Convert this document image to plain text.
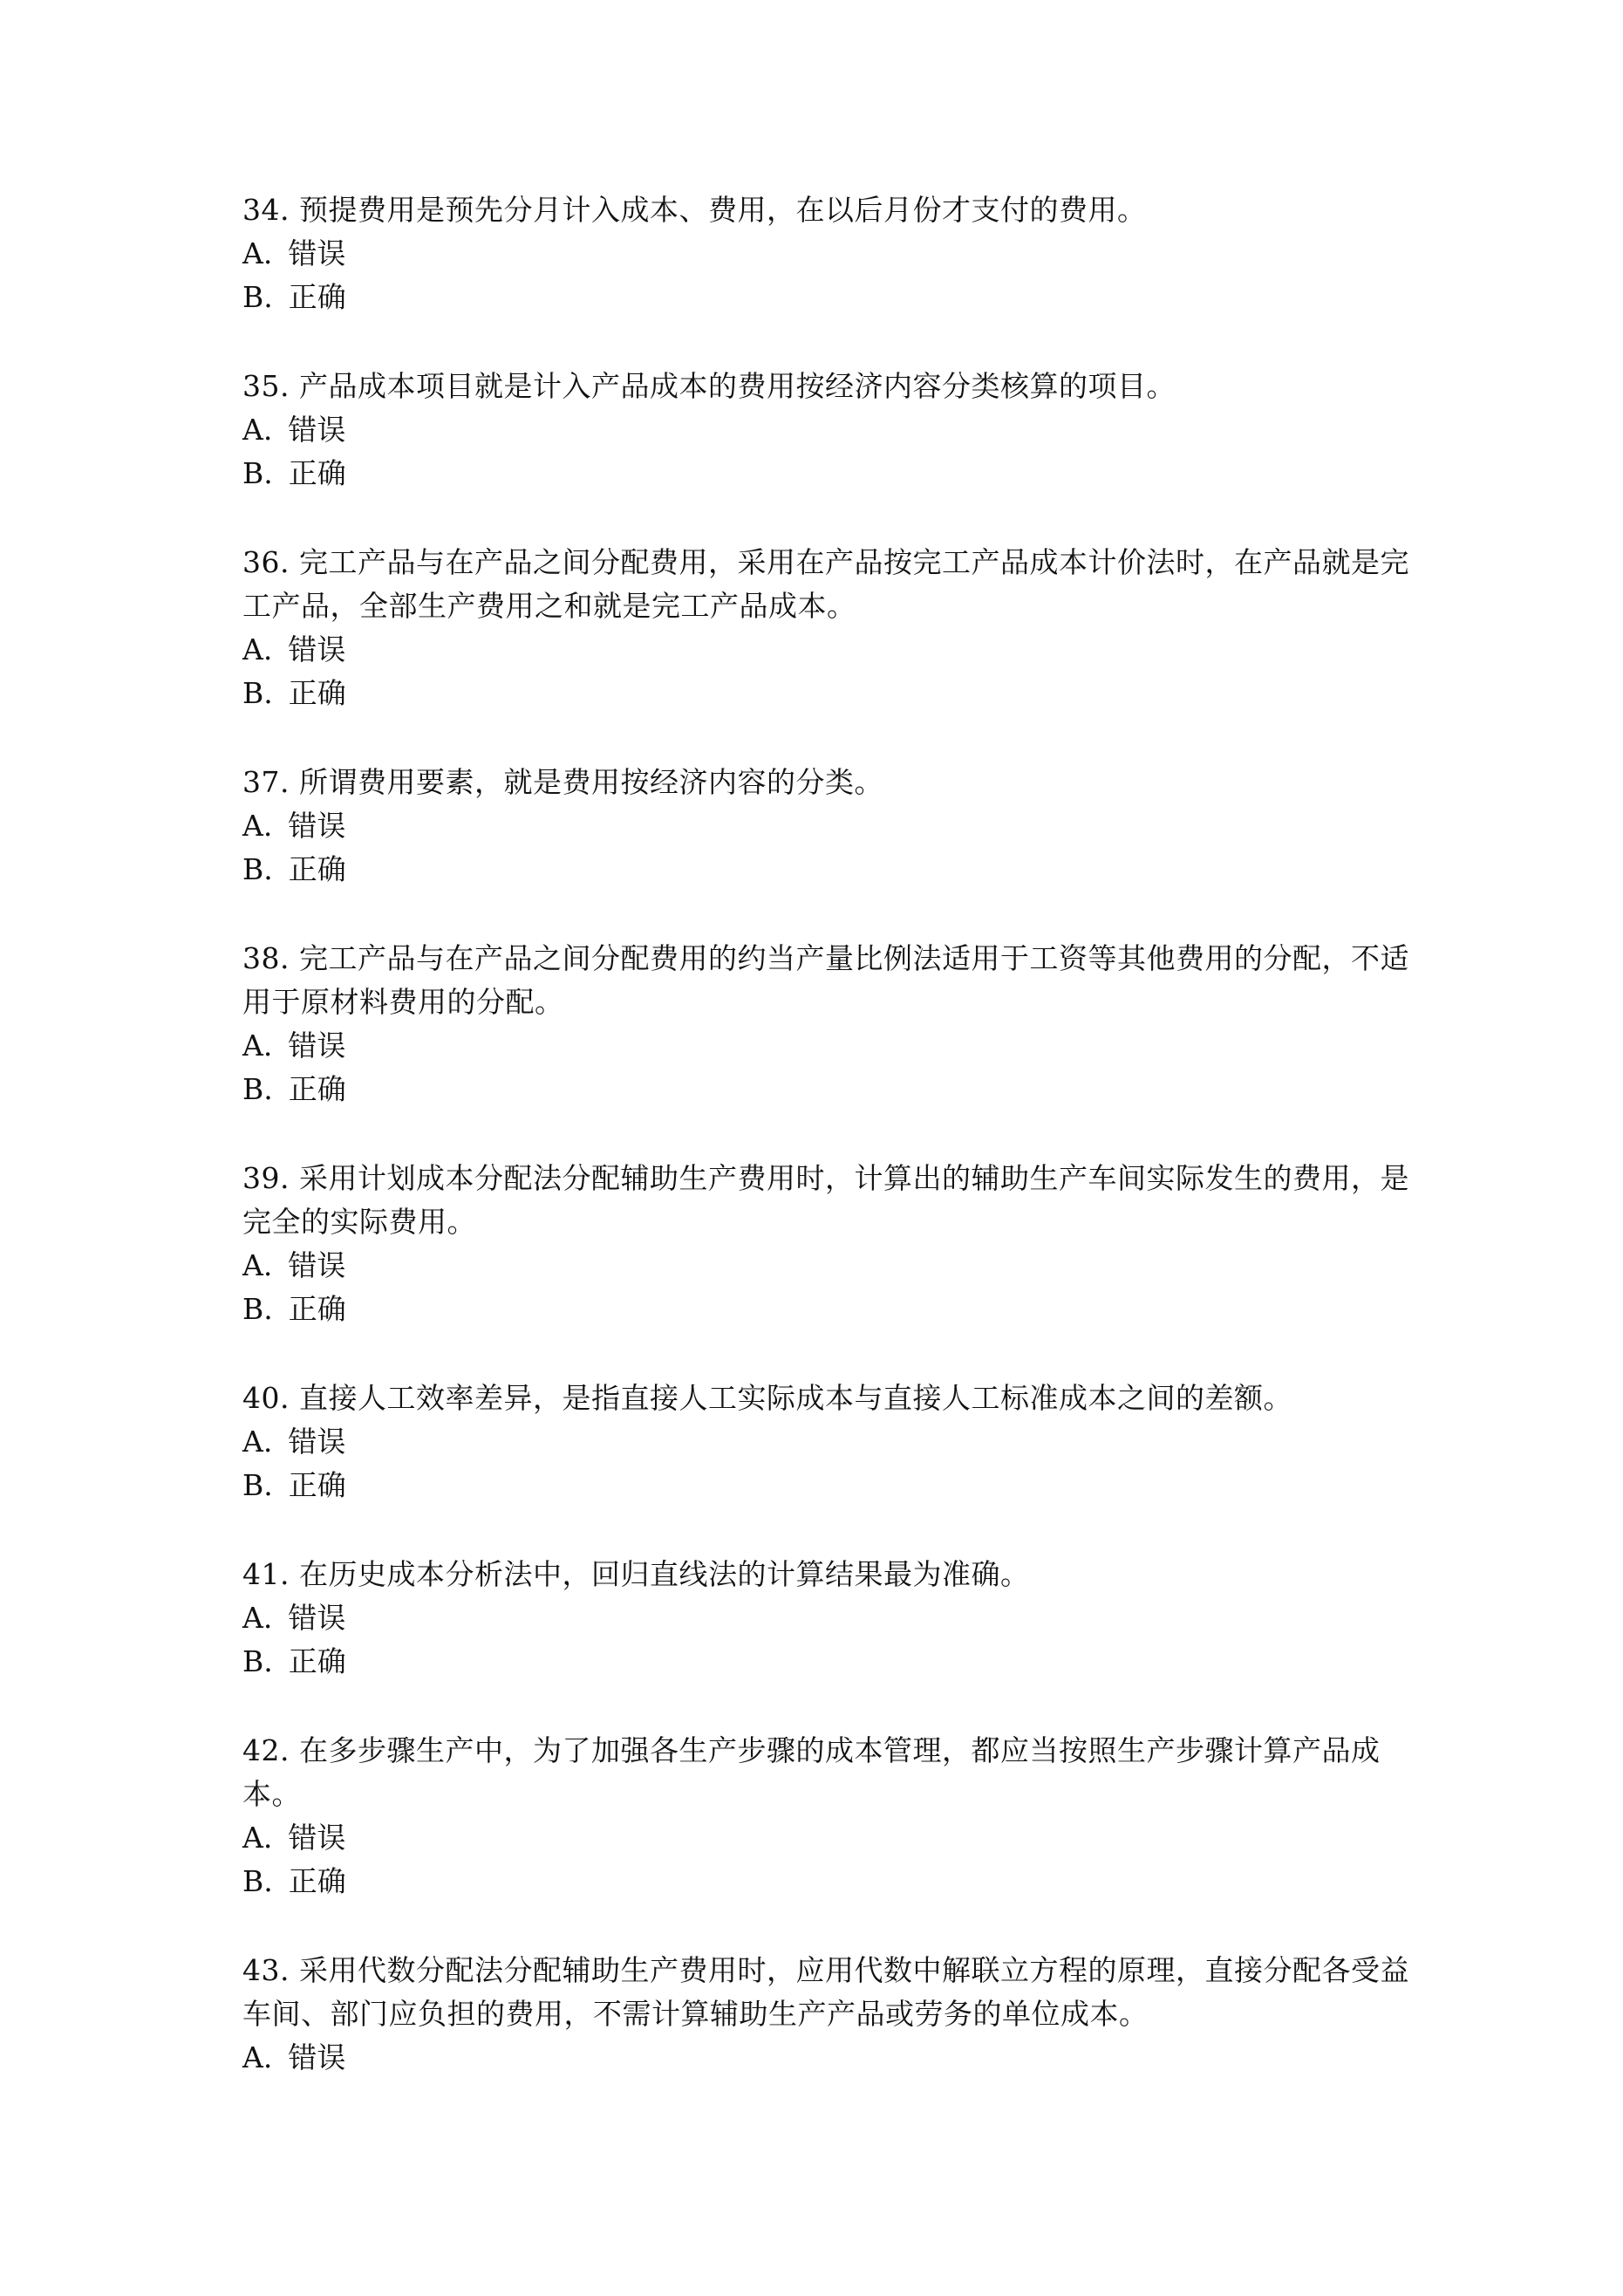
34. 预提费用是预先分月计入成本、费用，在以后月份才支付的费用。

A. 错误
B. 正确

35. 产品成本项目就是计入产品成本的费用按经济内容分类核算的项目。

A. 错误
B. 正确

36. 完工产品与在产品之间分配费用，采用在产品按完工产品成本计价法时，在产品就是完工产品，全部生产费用之和就是完工产品成本。

A. 错误
B. 正确

37. 所谓费用要素，就是费用按经济内容的分类。

A. 错误
B. 正确

38. 完工产品与在产品之间分配费用的约当产量比例法适用于工资等其他费用的分配，不适用于原材料费用的分配。

A. 错误
B. 正确

39. 采用计划成本分配法分配辅助生产费用时，计算出的辅助生产车间实际发生的费用，是完全的实际费用。

A. 错误
B. 正确

40. 直接人工效率差异，是指直接人工实际成本与直接人工标准成本之间的差额。

A. 错误
B. 正确

41. 在历史成本分析法中，回归直线法的计算结果最为准确。

A. 错误
B. 正确

42. 在多步骤生产中，为了加强各生产步骤的成本管理，都应当按照生产步骤计算产品成本。

A. 错误
B. 正确

43. 采用代数分配法分配辅助生产费用时，应用代数中解联立方程的原理，直接分配各受益车间、部门应负担的费用，不需计算辅助生产产品或劳务的单位成本。

A. 错误
